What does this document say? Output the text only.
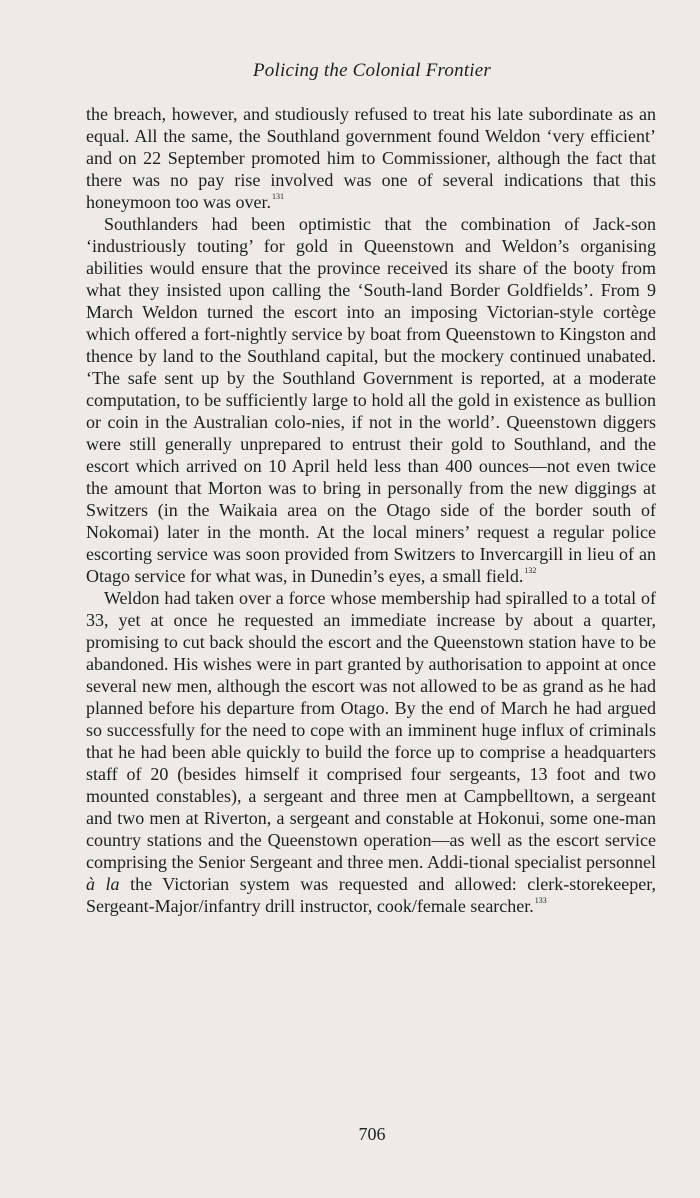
Policing the Colonial Frontier

the breach, however, and studiously refused to treat his late subordinate as an equal. All the same, the Southland government found Weldon ‘very efficient’ and on 22 September promoted him to Commissioner, although the fact that there was no pay rise involved was one of several indications that this honeymoon too was over.$^{131}$

Southlanders had been optimistic that the combination of Jack-son ‘industriously touting’ for gold in Queenstown and Weldon’s organising abilities would ensure that the province received its share of the booty from what they insisted upon calling the ‘South-land Border Goldfields’. From 9 March Weldon turned the escort into an imposing Victorian-style cortège which offered a fort-nightly service by boat from Queenstown to Kingston and thence by land to the Southland capital, but the mockery continued unabated. ‘The safe sent up by the Southland Government is reported, at a moderate computation, to be sufficiently large to hold all the gold in existence as bullion or coin in the Australian colo-nies, if not in the world’. Queenstown diggers were still generally unprepared to entrust their gold to Southland, and the escort which arrived on 10 April held less than 400 ounces—not even twice the amount that Morton was to bring in personally from the new diggings at Switzers (in the Waikaia area on the Otago side of the border south of Nokomai) later in the month. At the local miners’ request a regular police escorting service was soon provided from Switzers to Invercargill in lieu of an Otago service for what was, in Dunedin’s eyes, a small field.$^{132}$

Weldon had taken over a force whose membership had spiralled to a total of 33, yet at once he requested an immediate increase by about a quarter, promising to cut back should the escort and the Queenstown station have to be abandoned. His wishes were in part granted by authorisation to appoint at once several new men, although the escort was not allowed to be as grand as he had planned before his departure from Otago. By the end of March he had argued so successfully for the need to cope with an imminent huge influx of criminals that he had been able quickly to build the force up to comprise a headquarters staff of 20 (besides himself it comprised four sergeants, 13 foot and two mounted constables), a sergeant and three men at Campbelltown, a sergeant and two men at Riverton, a sergeant and constable at Hokonui, some one-man country stations and the Queenstown operation—as well as the escort service comprising the Senior Sergeant and three men. Addi-tional specialist personnel à la the Victorian system was requested and allowed: clerk-storekeeper, Sergeant-Major/infantry drill instructor, cook/female searcher.$^{133}$

706
